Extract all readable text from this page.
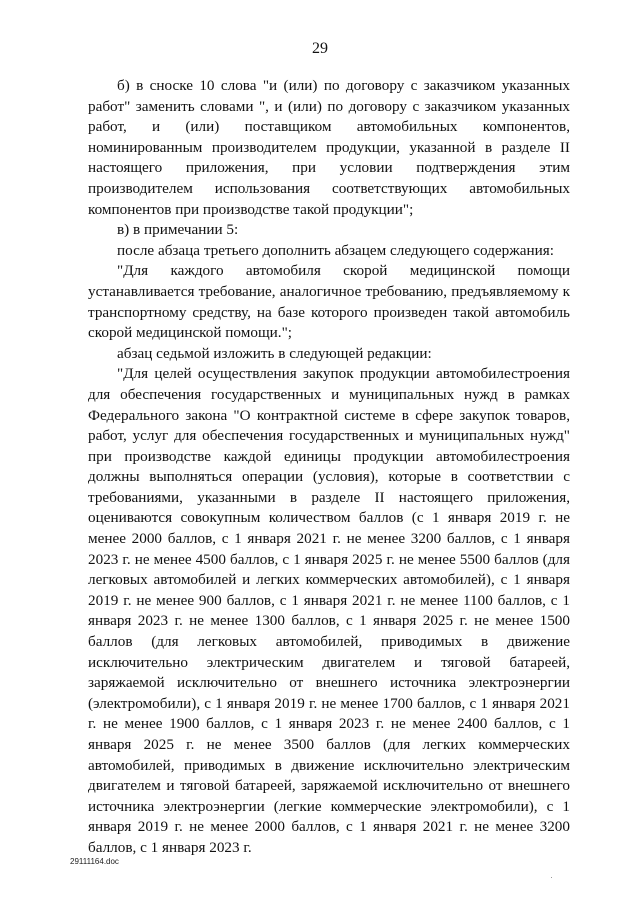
29

б) в сноске 10 слова "и (или) по договору с заказчиком указанных работ" заменить словами ", и (или) по договору с заказчиком указанных работ, и (или) поставщиком автомобильных компонентов, номинированным производителем продукции, указанной в разделе II настоящего приложения, при условии подтверждения этим производителем использования соответствующих автомобильных компонентов при производстве такой продукции";

в) в примечании 5:

после абзаца третьего дополнить абзацем следующего содержания:

"Для каждого автомобиля скорой медицинской помощи устанавливается требование, аналогичное требованию, предъявляемому к транспортному средству, на базе которого произведен такой автомобиль скорой медицинской помощи.";

абзац седьмой изложить в следующей редакции:

"Для целей осуществления закупок продукции автомобилестроения для обеспечения государственных и муниципальных нужд в рамках Федерального закона "О контрактной системе в сфере закупок товаров, работ, услуг для обеспечения государственных и муниципальных нужд" при производстве каждой единицы продукции автомобилестроения должны выполняться операции (условия), которые в соответствии с требованиями, указанными в разделе II настоящего приложения, оцениваются совокупным количеством баллов (с 1 января 2019 г. не менее 2000 баллов, с 1 января 2021 г. не менее 3200 баллов, с 1 января 2023 г. не менее 4500 баллов, с 1 января 2025 г. не менее 5500 баллов (для легковых автомобилей и легких коммерческих автомобилей), с 1 января 2019 г. не менее 900 баллов, с 1 января 2021 г. не менее 1100 баллов, с 1 января 2023 г. не менее 1300 баллов, с 1 января 2025 г. не менее 1500 баллов (для легковых автомобилей, приводимых в движение исключительно электрическим двигателем и тяговой батареей, заряжаемой исключительно от внешнего источника электроэнергии (электромобили), с 1 января 2019 г. не менее 1700 баллов, с 1 января 2021 г. не менее 1900 баллов, с 1 января 2023 г. не менее 2400 баллов, с 1 января 2025 г. не менее 3500 баллов (для легких коммерческих автомобилей, приводимых в движение исключительно электрическим двигателем и тяговой батареей, заряжаемой исключительно от внешнего источника электроэнергии (легкие коммерческие электромобили), с 1 января 2019 г. не менее 2000 баллов, с 1 января 2021 г. не менее 3200 баллов, с 1 января 2023 г.

29111164.doc
